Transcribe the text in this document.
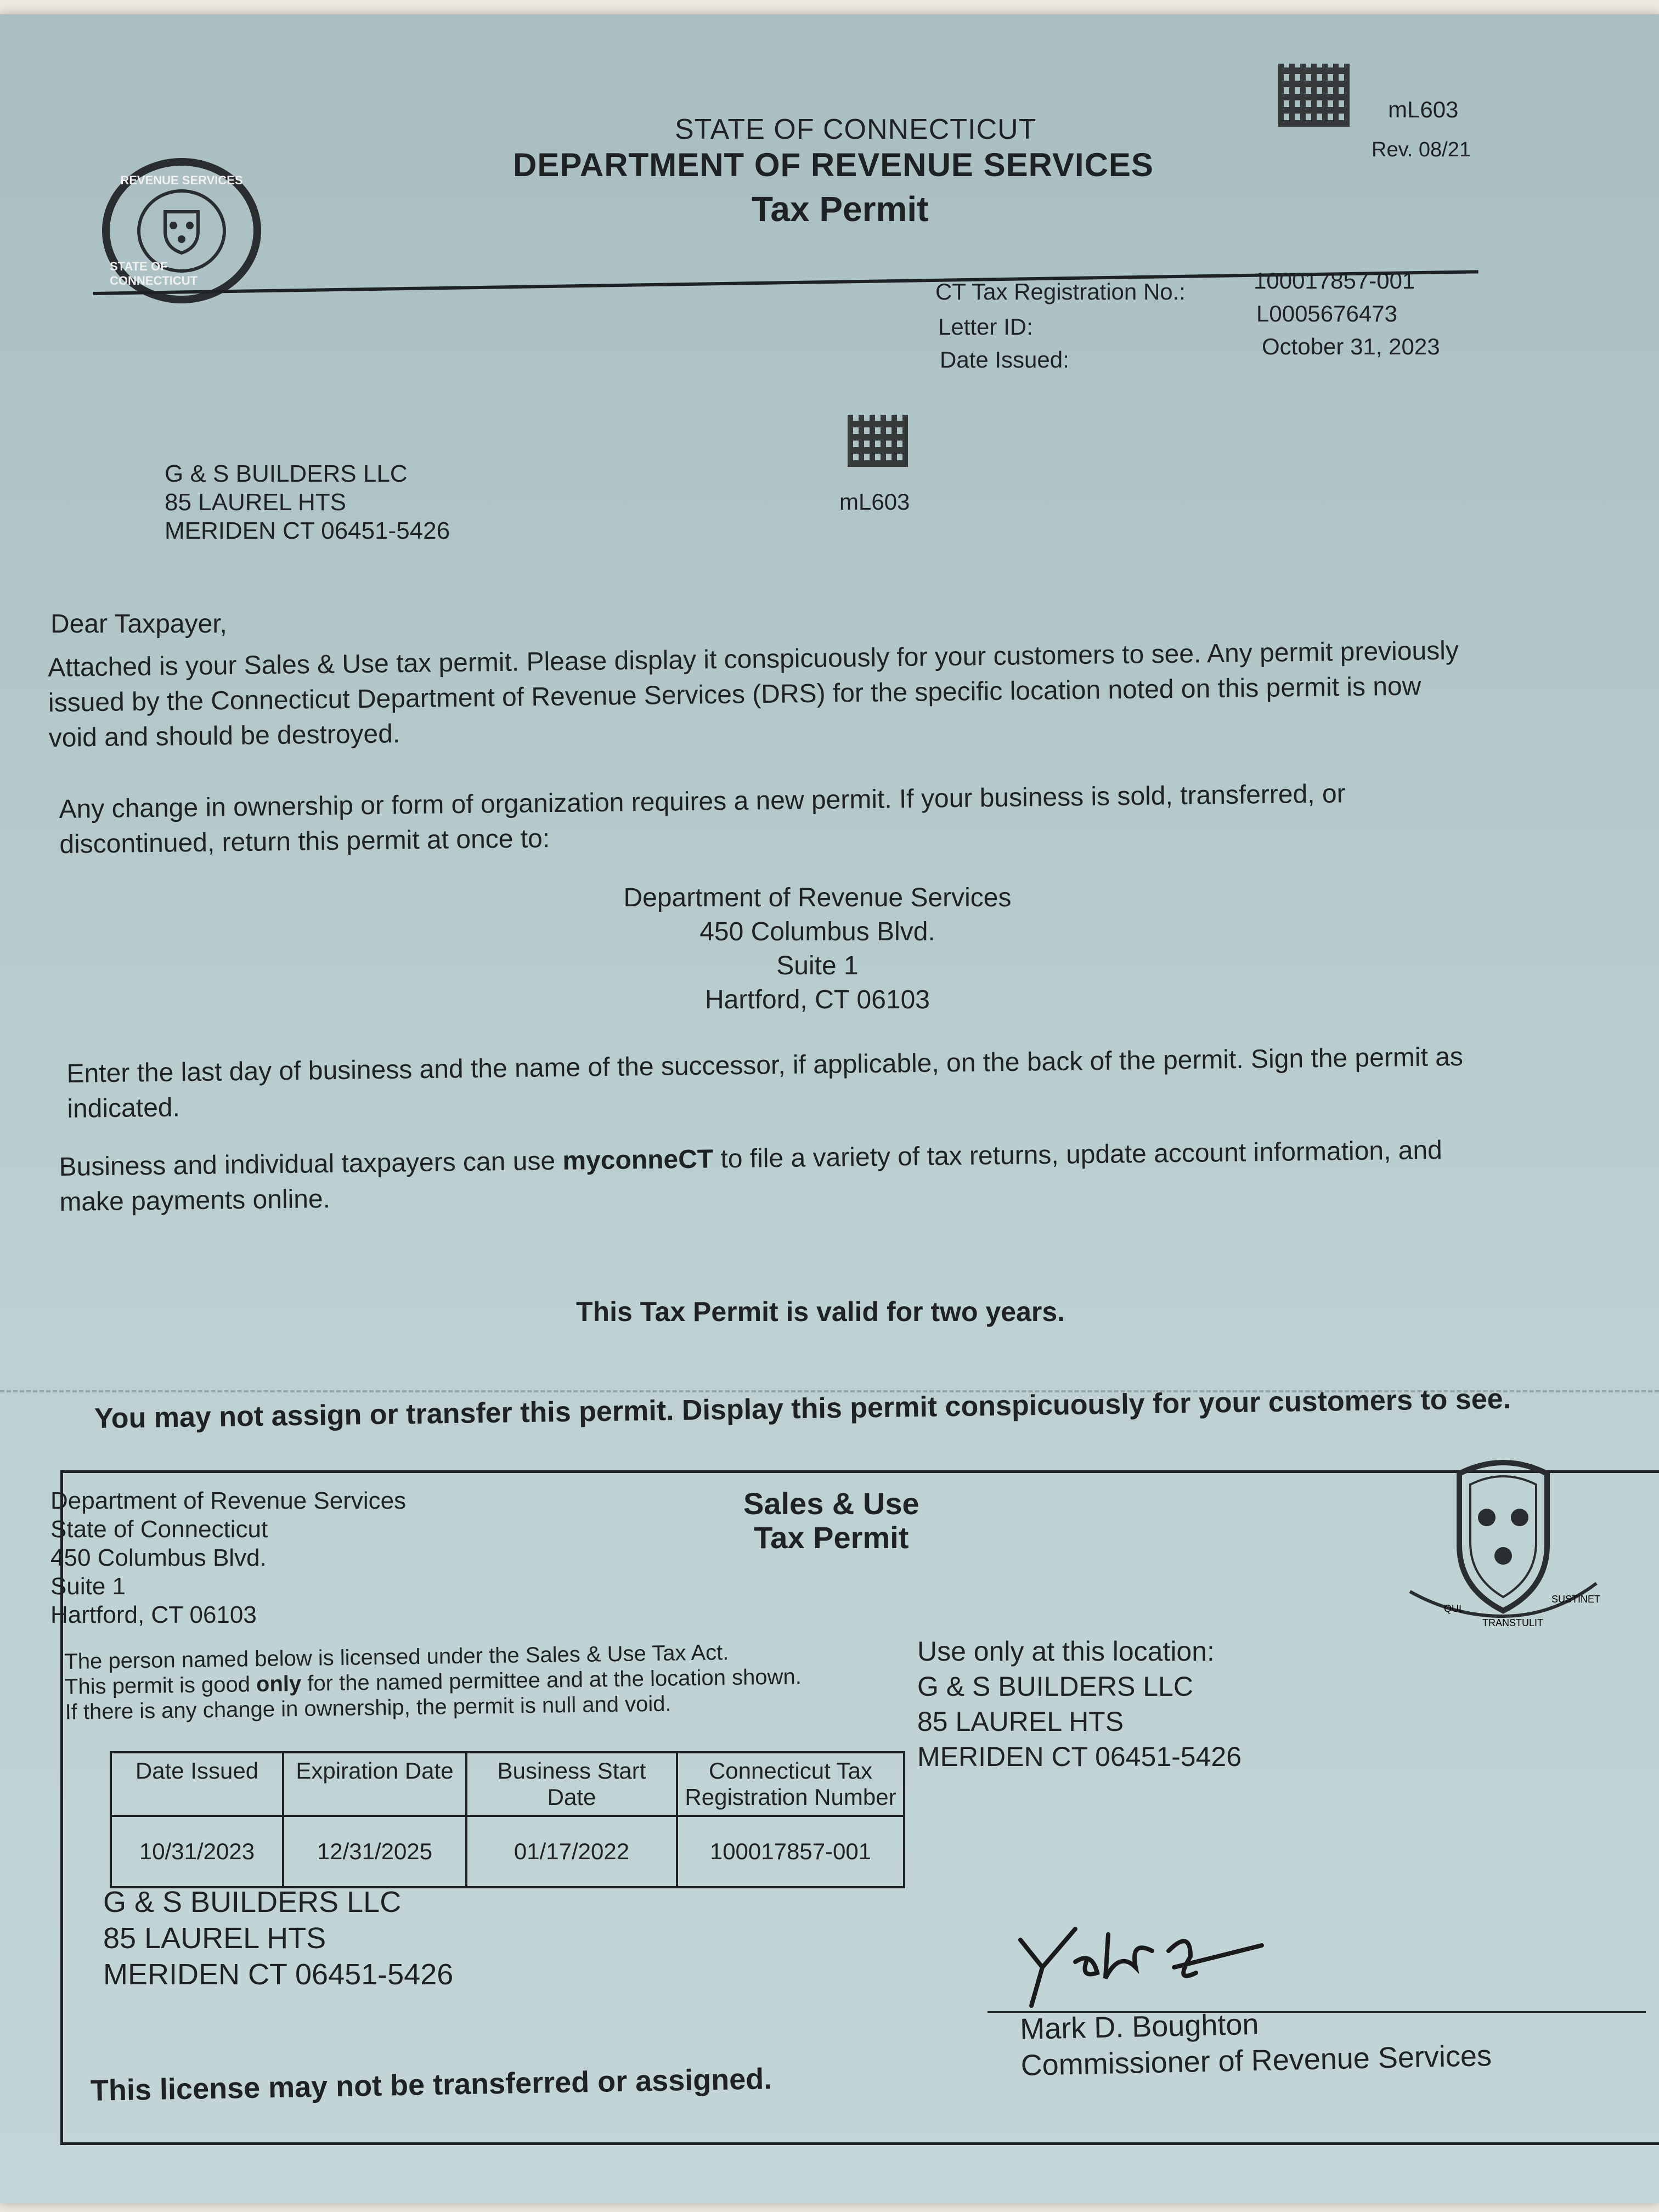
REVENUE SERVICES
STATE OF CONNECTICUT
STATE OF CONNECTICUT
DEPARTMENT OF REVENUE SERVICES
Tax Permit
mL603
Rev. 08/21
CT Tax Registration No.:	100017857-001
Letter ID:
L0005676473
Date Issued:
October 31, 2023
mL603
G & S BUILDERS LLC
85 LAUREL HTS
MERIDEN CT 06451-5426
Dear Taxpayer,
Attached is your Sales & Use tax permit. Please display it conspicuously for your customers to see. Any permit previously
issued by the Connecticut Department of Revenue Services (DRS) for the specific location noted on this permit is now
void and should be destroyed.
Any change in ownership or form of organization requires a new permit. If your business is sold, transferred, or
discontinued, return this permit at once to:
Department of Revenue Services
450 Columbus Blvd.
Suite 1
Hartford, CT 06103
Enter the last day of business and the name of the successor, if applicable, on the back of the permit. Sign the permit as
indicated.
Business and individual taxpayers can use myconneCT to file a variety of tax returns, update account information, and
make payments online.
This Tax Permit is valid for two years.
You may not assign or transfer this permit. Display this permit conspicuously for your customers to see.
Department of Revenue Services
State of Connecticut
450 Columbus Blvd.
Suite 1
Hartford, CT 06103
Sales & Use
Tax Permit
QUI
TRANSTULIT
SUSTINET
The person named below is licensed under the Sales & Use Tax Act.
This permit is good only for the named permittee and at the location shown.
If there is any change in ownership, the permit is null and void.
Use only at this location:
G & S BUILDERS LLC
85 LAUREL HTS
MERIDEN CT 06451-5426
Date Issued	Expiration Date	Business Start Date	Connecticut Tax Registration Number
10/31/2023	12/31/2025	01/17/2022	100017857-001
G & S BUILDERS LLC
85 LAUREL HTS
MERIDEN CT 06451-5426
Mark D. Boughton
Commissioner of Revenue Services
This license may not be transferred or assigned.
